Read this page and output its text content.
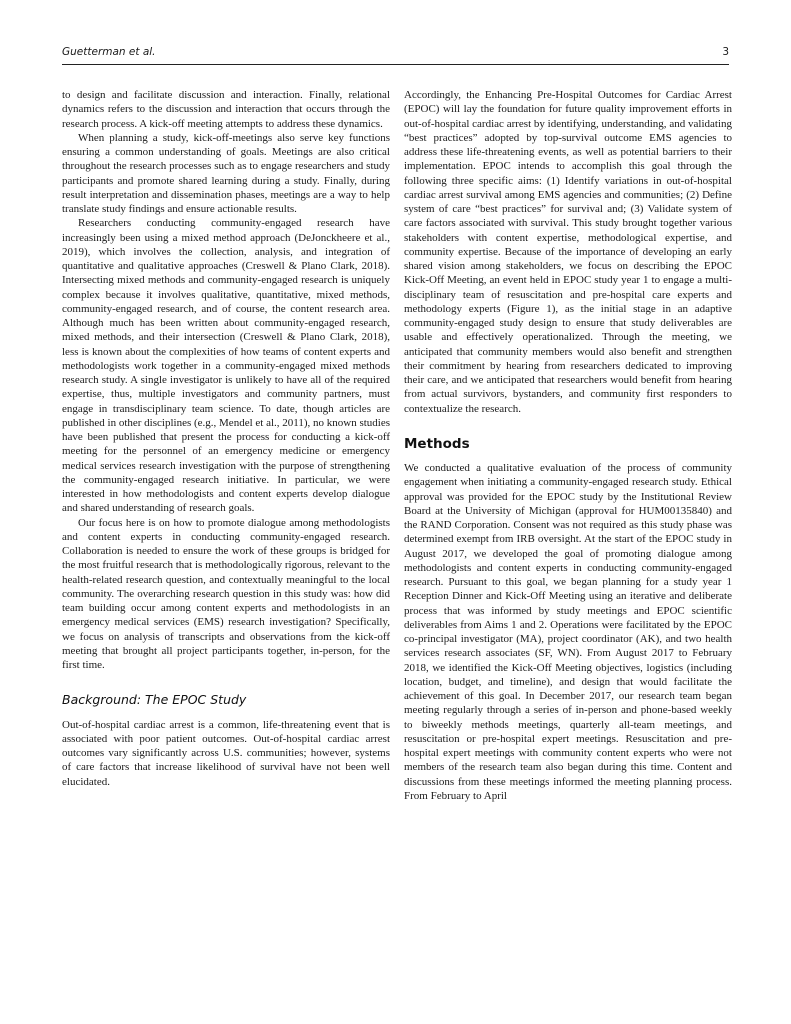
Guetterman et al.	3

to design and facilitate discussion and interaction. Finally, relational dynamics refers to the discussion and interaction that occurs through the research process. A kick-off meeting attempts to address these dynamics.

When planning a study, kick-off-meetings also serve key functions ensuring a common understanding of goals. Meetings are also critical throughout the research processes such as to engage researchers and study participants and promote shared learning during a study. Finally, during result interpretation and dissemination phases, meetings are a way to help translate study findings and ensure actionable results.

Researchers conducting community-engaged research have increasingly been using a mixed method approach (DeJonckheere et al., 2019), which involves the collection, analysis, and integration of quantitative and qualitative approaches (Creswell & Plano Clark, 2018). Intersecting mixed methods and community-engaged research is uniquely complex because it involves qualitative, quantitative, mixed methods, community-engaged research, and of course, the content research area. Although much has been written about community-engaged research, mixed methods, and their intersection (Creswell & Plano Clark, 2018), less is known about the complexities of how teams of content experts and methodologists work together in a community-engaged mixed methods research study. A single investigator is unlikely to have all of the required expertise, thus, multiple investigators and community partners, must engage in transdisciplinary team science. To date, though articles are published in other disciplines (e.g., Mendel et al., 2011), no known studies have been published that present the process for conducting a kick-off meeting for the personnel of an emergency medicine or emergency medical services research investigation with the purpose of strengthening the community-engaged research initiative. In particular, we were interested in how methodologists and content experts develop dialogue and shared understanding of research goals.

Our focus here is on how to promote dialogue among methodologists and content experts in conducting community-engaged research. Collaboration is needed to ensure the work of these groups is bridged for the most fruitful research that is methodologically rigorous, relevant to the health-related research question, and contextually meaningful to the local community. The overarching research question in this study was: how did team building occur among content experts and methodologists in an emergency medical services (EMS) research investigation? Specifically, we focus on analysis of transcripts and observations from the kick-off meeting that brought all project participants together, in-person, for the first time.

Background: The EPOC Study

Out-of-hospital cardiac arrest is a common, life-threatening event that is associated with poor patient outcomes. Out-of-hospital cardiac arrest outcomes vary significantly across U.S. communities; however, systems of care factors that increase likelihood of survival have not been well elucidated.

Accordingly, the Enhancing Pre-Hospital Outcomes for Cardiac Arrest (EPOC) will lay the foundation for future quality improvement efforts in out-of-hospital cardiac arrest by identifying, understanding, and validating “best practices” adopted by top-survival outcome EMS agencies to address these life-threatening events, as well as potential barriers to their implementation. EPOC intends to accomplish this goal through the following three specific aims: (1) Identify variations in out-of-hospital cardiac arrest survival among EMS agencies and communities; (2) Define system of care “best practices” for survival and; (3) Validate system of care factors associated with survival. This study brought together various stakeholders with content expertise, methodological expertise, and community expertise. Because of the importance of developing an early shared vision among stakeholders, we focus on describing the EPOC Kick-Off Meeting, an event held in EPOC study year 1 to engage a multi-disciplinary team of resuscitation and pre-hospital care experts and methodology experts (Figure 1), as the initial stage in an adaptive community-engaged study design to ensure that study deliverables are usable and effectively operationalized. Through the meeting, we anticipated that community members would also benefit and strengthen their commitment by hearing from researchers dedicated to improving their care, and we anticipated that researchers would benefit from hearing from actual survivors, bystanders, and community first responders to contextualize the research.

Methods

We conducted a qualitative evaluation of the process of community engagement when initiating a community-engaged research study. Ethical approval was provided for the EPOC study by the Institutional Review Board at the University of Michigan (approval for HUM00135840) and the RAND Corporation. Consent was not required as this study phase was determined exempt from IRB oversight. At the start of the EPOC study in August 2017, we developed the goal of promoting dialogue among methodologists and content experts in conducting community-engaged research. Pursuant to this goal, we began planning for a study year 1 Reception Dinner and Kick-Off Meeting using an iterative and deliberate process that was informed by study meetings and EPOC scientific deliverables from Aims 1 and 2. Operations were facilitated by the EPOC co-principal investigator (MA), project coordinator (AK), and two health services research associates (SF, WN). From August 2017 to February 2018, we identified the Kick-Off Meeting objectives, logistics (including location, budget, and timeline), and design that would facilitate the achievement of this goal. In December 2017, our research team began meeting regularly through a series of in-person and phone-based weekly to biweekly methods meetings, quarterly all-team meetings, and resuscitation or pre-hospital expert meetings. Resuscitation and pre-hospital expert meetings with community content experts who were not members of the research team also began during this time. Content and discussions from these meetings informed the meeting planning process. From February to April
